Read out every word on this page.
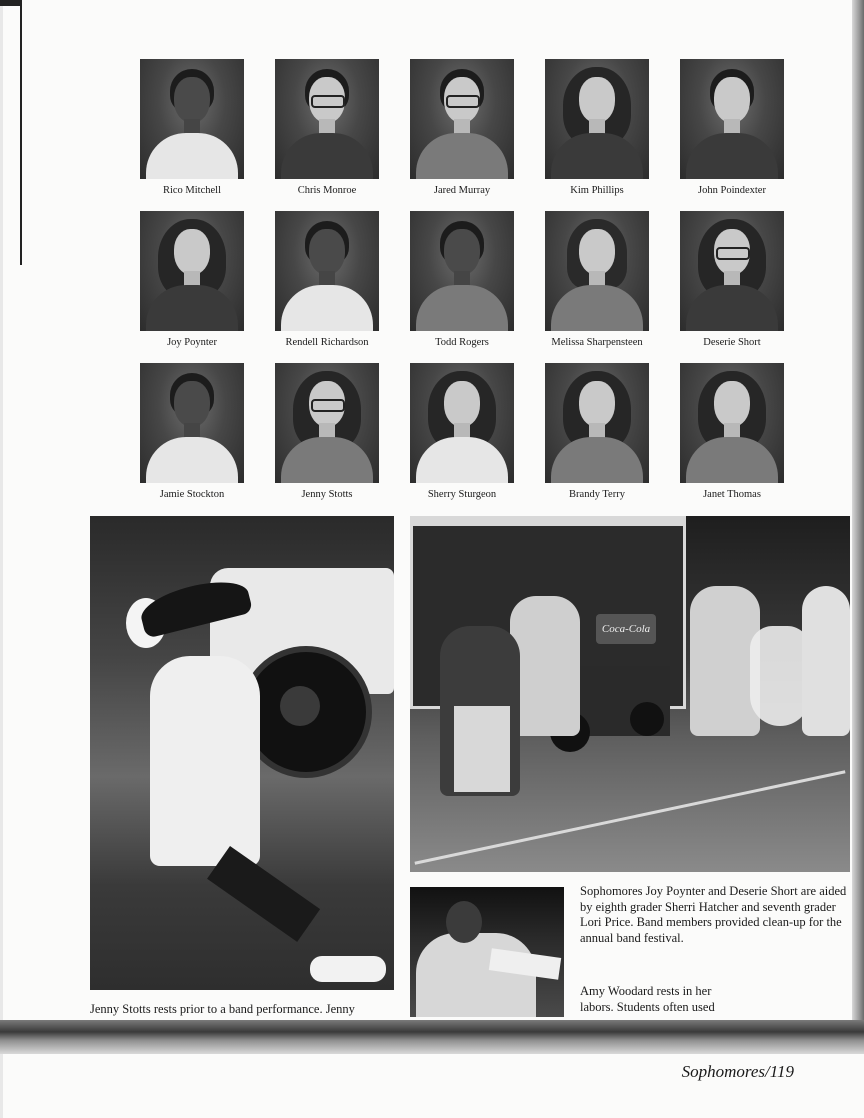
Rico Mitchell	Chris Monroe	Jared Murray	Kim Phillips	John Poindexter
Joy Poynter	Rendell Richardson	Todd Rogers	Melissa Sharpensteen	Deserie Short
Jamie Stockton	Jenny Stotts	Sherry Sturgeon	Brandy Terry	Janet Thomas
Coca-Cola
Sophomores Joy Poynter and Deserie Short are aided by eighth grader Sherri Hatcher and seventh grader Lori Price. Band members provided clean-up for the annual band festival.
Amy Woodard rests in her labors. Students often used
Jenny Stotts rests prior to a band performance. Jenny
Sophomores/119
